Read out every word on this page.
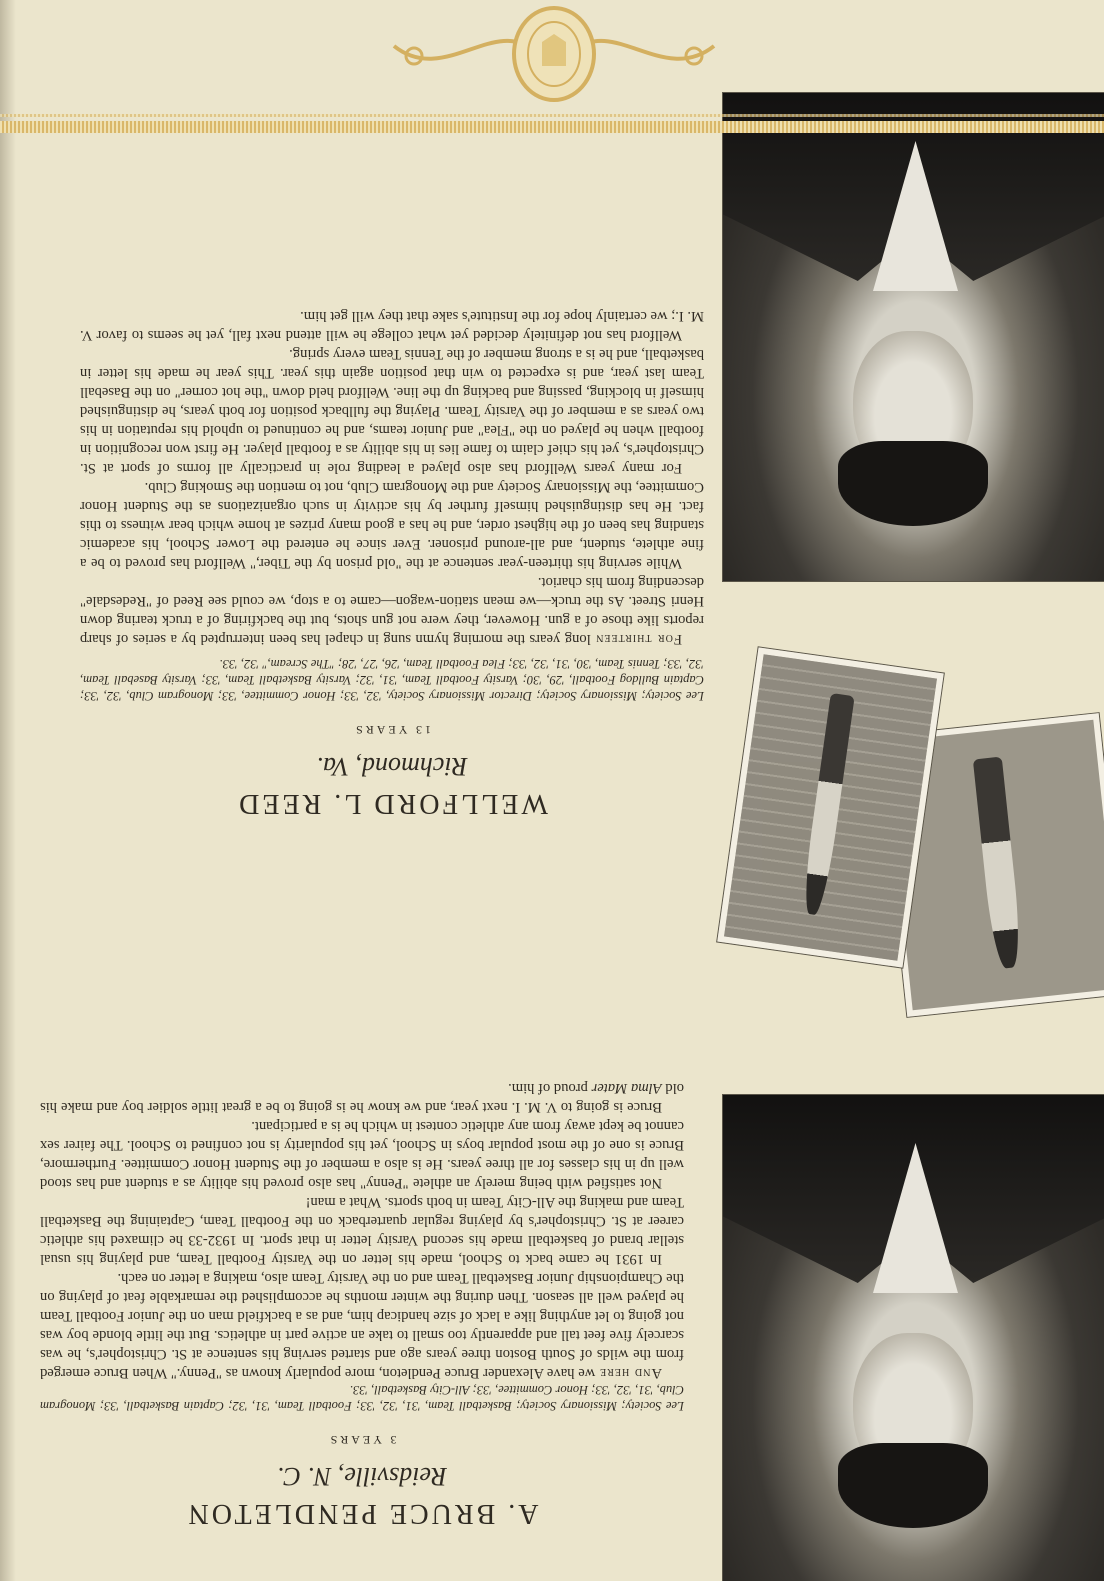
A. BRUCE PENDLETON

Reidsville, N. C.

3 YEARS

Lee Society; Missionary Society; Basketball Team, '31, '32, '33; Football Team, '31, '32; Captain Basketball, '33; Monogram Club, '31, '32, '33; Honor Committee, '33; All-City Basketball, '33.

And here we have Alexander Bruce Pendleton, more popularly known as "Penny." When Bruce emerged from the wilds of South Boston three years ago and started serving his sentence at St. Christopher's, he was scarcely five feet tall and apparently too small to take an active part in athletics. But the little blonde boy was not going to let anything like a lack of size handicap him, and as a backfield man on the Junior Football Team he played well all season. Then during the winter months he accomplished the remarkable feat of playing on the Championship Junior Basketball Team and on the Varsity Team also, making a letter on each.

In 1931 he came back to School, made his letter on the Varsity Football Team, and playing his usual stellar brand of basketball made his second Varsity letter in that sport. In 1932-33 he climaxed his athletic career at St. Christopher's by playing regular quarterback on the Football Team, Captaining the Basketball Team and making the All-City Team in both sports. What a man!

Not satisfied with being merely an athlete "Penny" has also proved his ability as a student and has stood well up in his classes for all three years. He is also a member of the Student Honor Committee. Furthermore, Bruce is one of the most popular boys in School, yet his popularity is not confined to School. The fairer sex cannot be kept away from any athletic contest in which he is a participant.

Bruce is going to V. M. I. next year, and we know he is going to be a great little soldier boy and make his old Alma Mater proud of him.

WELLFORD L. REED

Richmond, Va.

13 YEARS

Lee Society; Missionary Society; Director Missionary Society, '32, '33; Honor Committee, '33; Monogram Club, '32, '33; Captain Bulldog Football, '29, '30; Varsity Football Team, '31, '32; Varsity Basketball Team, '33; Varsity Baseball Team, '32, '33; Tennis Team, '30, '31, '32, '33; Flea Football Team, '26, '27, '28; "The Scream," '32, '33.

For thirteen long years the morning hymn sung in chapel has been interrupted by a series of sharp reports like those of a gun. However, they were not gun shots, but the backfiring of a truck tearing down Henri Street. As the truck—we mean station-wagon—came to a stop, we could see Reed of "Redesdale" descending from his chariot.

While serving his thirteen-year sentence at the "old prison by the Tiber," Wellford has proved to be a fine athlete, student, and all-around prisoner. Ever since he entered the Lower School, his academic standing has been of the highest order, and he has a good many prizes at home which bear witness to this fact. He has distinguished himself further by his activity in such organizations as the Student Honor Committee, the Missionary Society and the Monogram Club, not to mention the Smoking Club.

For many years Wellford has also played a leading role in practically all forms of sport at St. Christopher's, yet his chief claim to fame lies in his ability as a football player. He first won recognition in football when he played on the "Flea" and Junior teams, and he continued to uphold his reputation in his two years as a member of the Varsity Team. Playing the fullback position for both years, he distinguished himself in blocking, passing and backing up the line. Wellford held down "the hot corner" on the Baseball Team last year, and is expected to win that position again this year. This year he made his letter in basketball, and he is a strong member of the Tennis Team every spring.

Wellford has not definitely decided yet what college he will attend next fall, yet he seems to favor V. M. I.; we certainly hope for the Institute's sake that they will get him.
